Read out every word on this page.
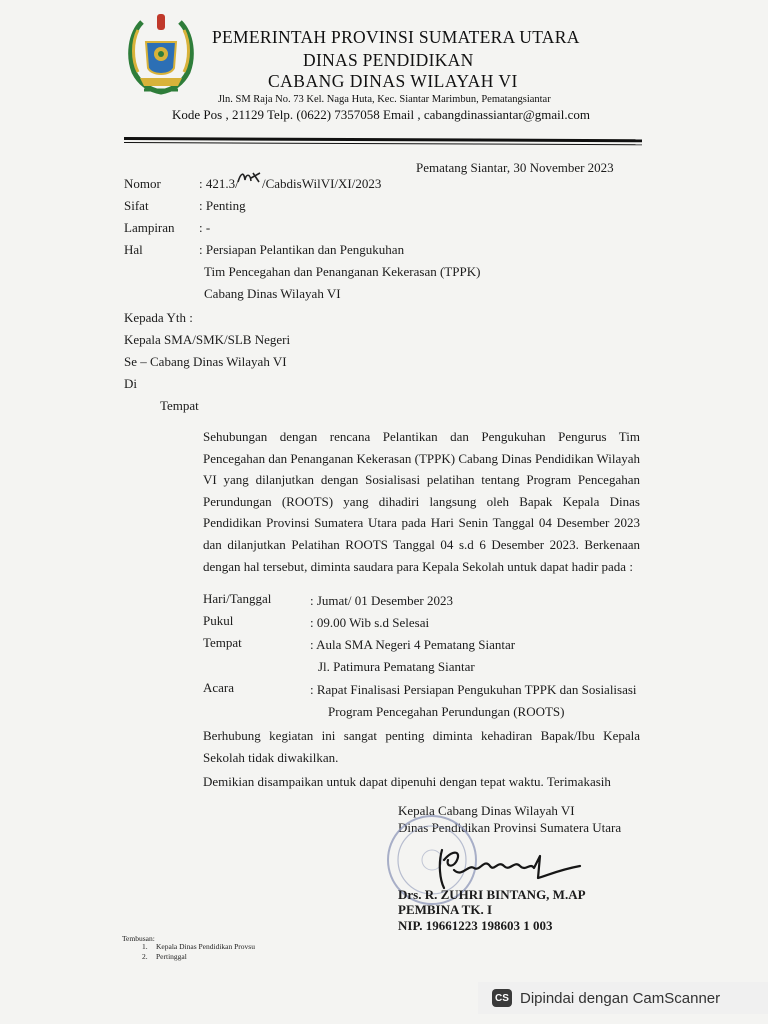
PEMERINTAH PROVINSI SUMATERA UTARA
DINAS PENDIDIKAN
CABANG DINAS WILAYAH VI
Jln. SM Raja No. 73 Kel. Naga Huta, Kec. Siantar Marimbun, Pematangsiantar
Kode Pos , 21129 Telp. (0622) 7357058 Email , cabangdinassiantar@gmail.com
Pematang Siantar, 30 November 2023
Nomor	: 421.3/ /CabdisWilVI/XI/2023
Sifat	: Penting
Lampiran : -
Hal	: Persiapan Pelantikan dan Pengukuhan
Tim Pencegahan dan Penanganan Kekerasan (TPPK)
Cabang Dinas Wilayah VI
Kepada Yth :
Kepala SMA/SMK/SLB Negeri
Se – Cabang Dinas Wilayah VI
Di
Tempat
Sehubungan dengan rencana Pelantikan dan Pengukuhan Pengurus Tim Pencegahan dan Penanganan Kekerasan (TPPK) Cabang Dinas Pendidikan Wilayah VI yang dilanjutkan dengan Sosialisasi pelatihan tentang Program Pencegahan Perundungan (ROOTS) yang dihadiri langsung oleh Bapak Kepala Dinas Pendidikan Provinsi Sumatera Utara pada Hari Senin Tanggal 04 Desember 2023 dan dilanjutkan Pelatihan ROOTS Tanggal 04 s.d 6 Desember 2023. Berkenaan dengan hal tersebut, diminta saudara para Kepala Sekolah untuk dapat hadir pada :
Hari/Tanggal	: Jumat/ 01 Desember 2023
Pukul	: 09.00 Wib s.d Selesai
Tempat	: Aula SMA Negeri 4 Pematang Siantar
Jl. Patimura Pematang Siantar
Acara	: Rapat Finalisasi Persiapan Pengukuhan TPPK dan Sosialisasi
Program Pencegahan Perundungan (ROOTS)
Berhubung kegiatan ini sangat penting diminta kehadiran Bapak/Ibu Kepala Sekolah tidak diwakilkan.
Demikian disampaikan untuk dapat dipenuhi dengan tepat waktu. Terimakasih
Kepala Cabang Dinas Wilayah VI
Dinas Pendidikan Provinsi Sumatera Utara
Drs. R. ZUHRI BINTANG, M.AP
PEMBINA TK. I
NIP. 19661223 198603 1 003
Tembusan:
1. Kepala Dinas Pendidikan Provsu
2. Pertinggal
CS Dipindai dengan CamScanner
